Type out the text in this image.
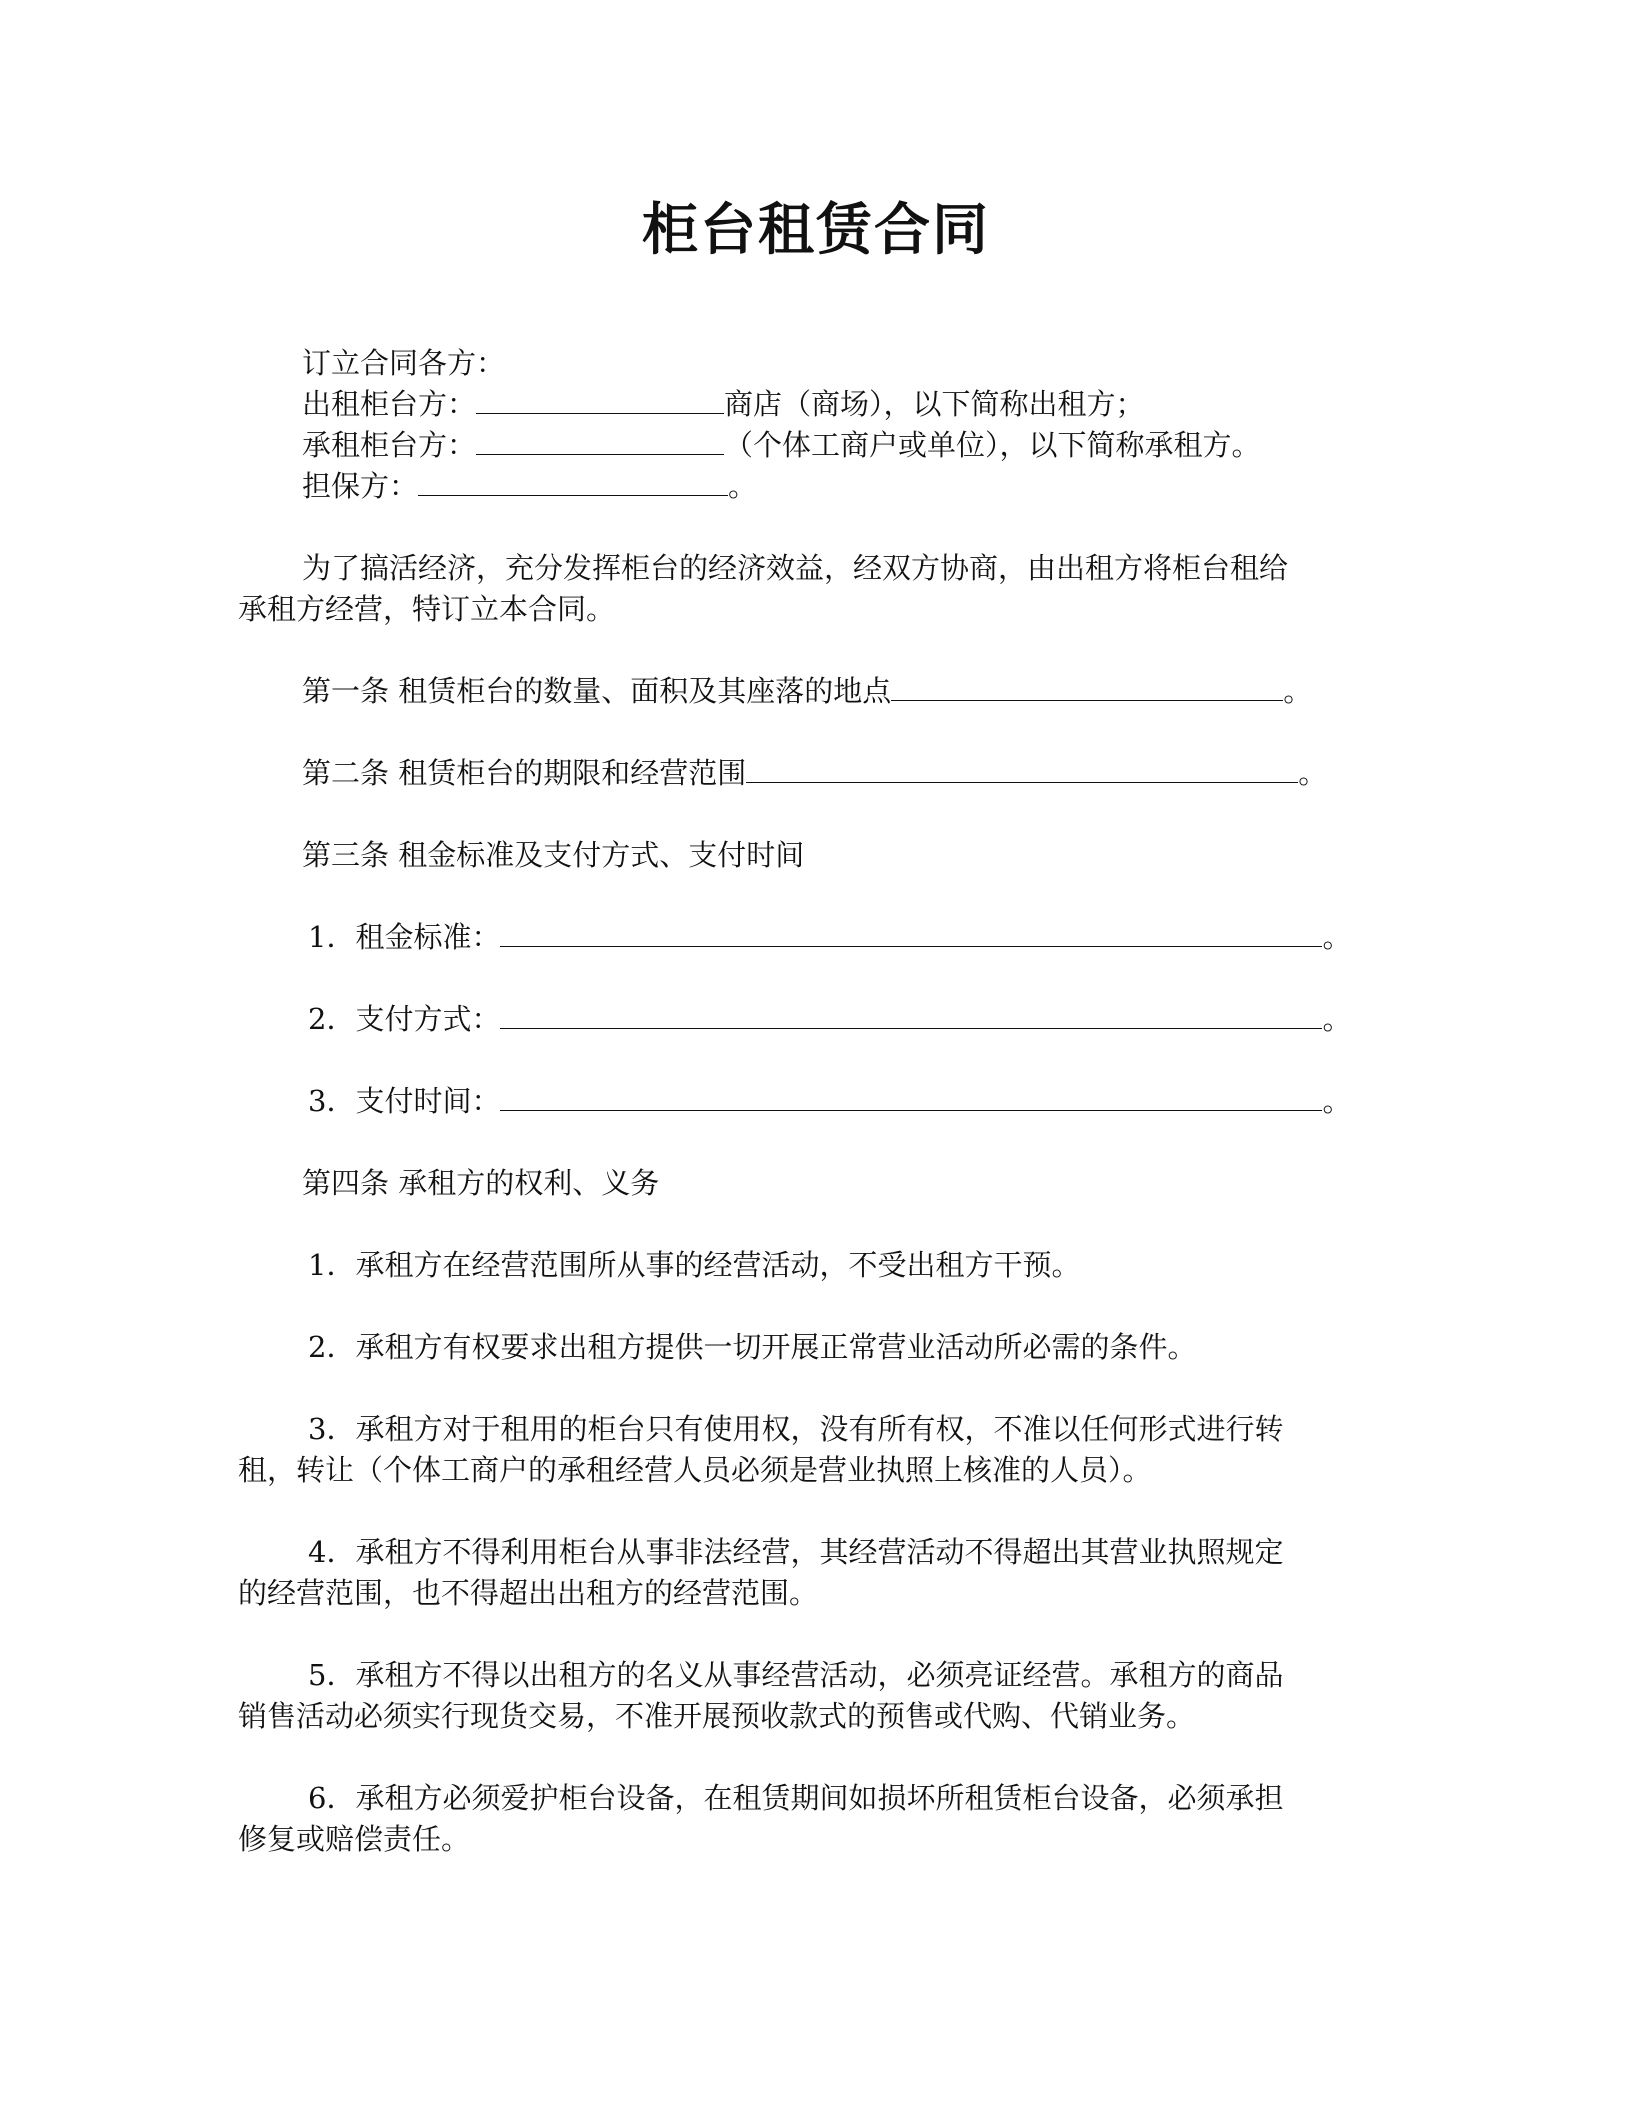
柜台租赁合同
订立合同各方：
出租柜台方：	商店（商场），以下简称出租方；
承租柜台方：	（个体工商户或单位），以下简称承租方。
担保方：	。
为了搞活经济，充分发挥柜台的经济效益，经双方协商，由出租方将柜台租给
承租方经营，特订立本合同。
第一条 租赁柜台的数量、面积及其座落的地点	。
第二条 租赁柜台的期限和经营范围	。
第三条 租金标准及支付方式、支付时间
1．租金标准：	。
2．支付方式：	。
3．支付时间：	。
第四条 承租方的权利、义务
1．承租方在经营范围所从事的经营活动，不受出租方干预。
2．承租方有权要求出租方提供一切开展正常营业活动所必需的条件。
3．承租方对于租用的柜台只有使用权，没有所有权，不准以任何形式进行转
租，转让（个体工商户的承租经营人员必须是营业执照上核准的人员）。
4．承租方不得利用柜台从事非法经营，其经营活动不得超出其营业执照规定
的经营范围，也不得超出出租方的经营范围。
5．承租方不得以出租方的名义从事经营活动，必须亮证经营。承租方的商品
销售活动必须实行现货交易，不准开展预收款式的预售或代购、代销业务。
6．承租方必须爱护柜台设备，在租赁期间如损坏所租赁柜台设备，必须承担
修复或赔偿责任。
